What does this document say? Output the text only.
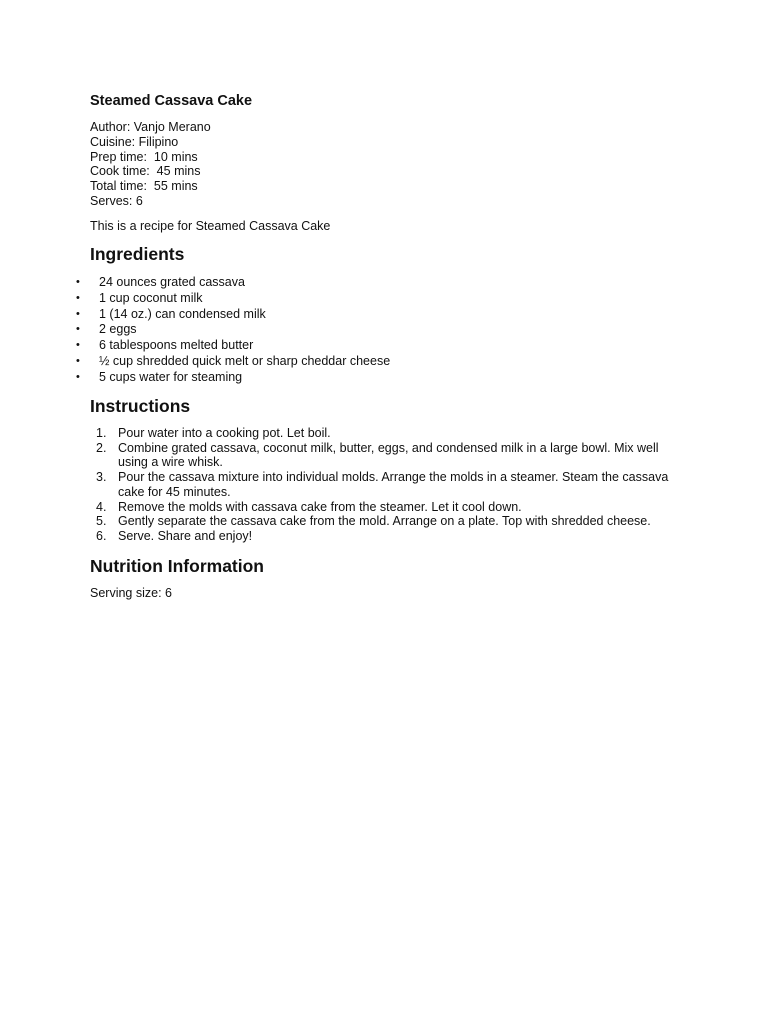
Steamed Cassava Cake
Author: Vanjo Merano
Cuisine: Filipino
Prep time:  10 mins
Cook time:  45 mins
Total time:  55 mins
Serves: 6

This is a recipe for Steamed Cassava Cake

Ingredients
• 24 ounces grated cassava
• 1 cup coconut milk
• 1 (14 oz.) can condensed milk
• 2 eggs
• 6 tablespoons melted butter
• ½ cup shredded quick melt or sharp cheddar cheese
• 5 cups water for steaming
Instructions
1. Pour water into a cooking pot. Let boil.
2. Combine grated cassava, coconut milk, butter, eggs, and condensed milk in a large bowl. Mix well using a wire whisk.
3. Pour the cassava mixture into individual molds. Arrange the molds in a steamer. Steam the cassava cake for 45 minutes.
4. Remove the molds with cassava cake from the steamer. Let it cool down.
5. Gently separate the cassava cake from the mold. Arrange on a plate. Top with shredded cheese.
6. Serve. Share and enjoy!
Nutrition Information

Serving size: 6
